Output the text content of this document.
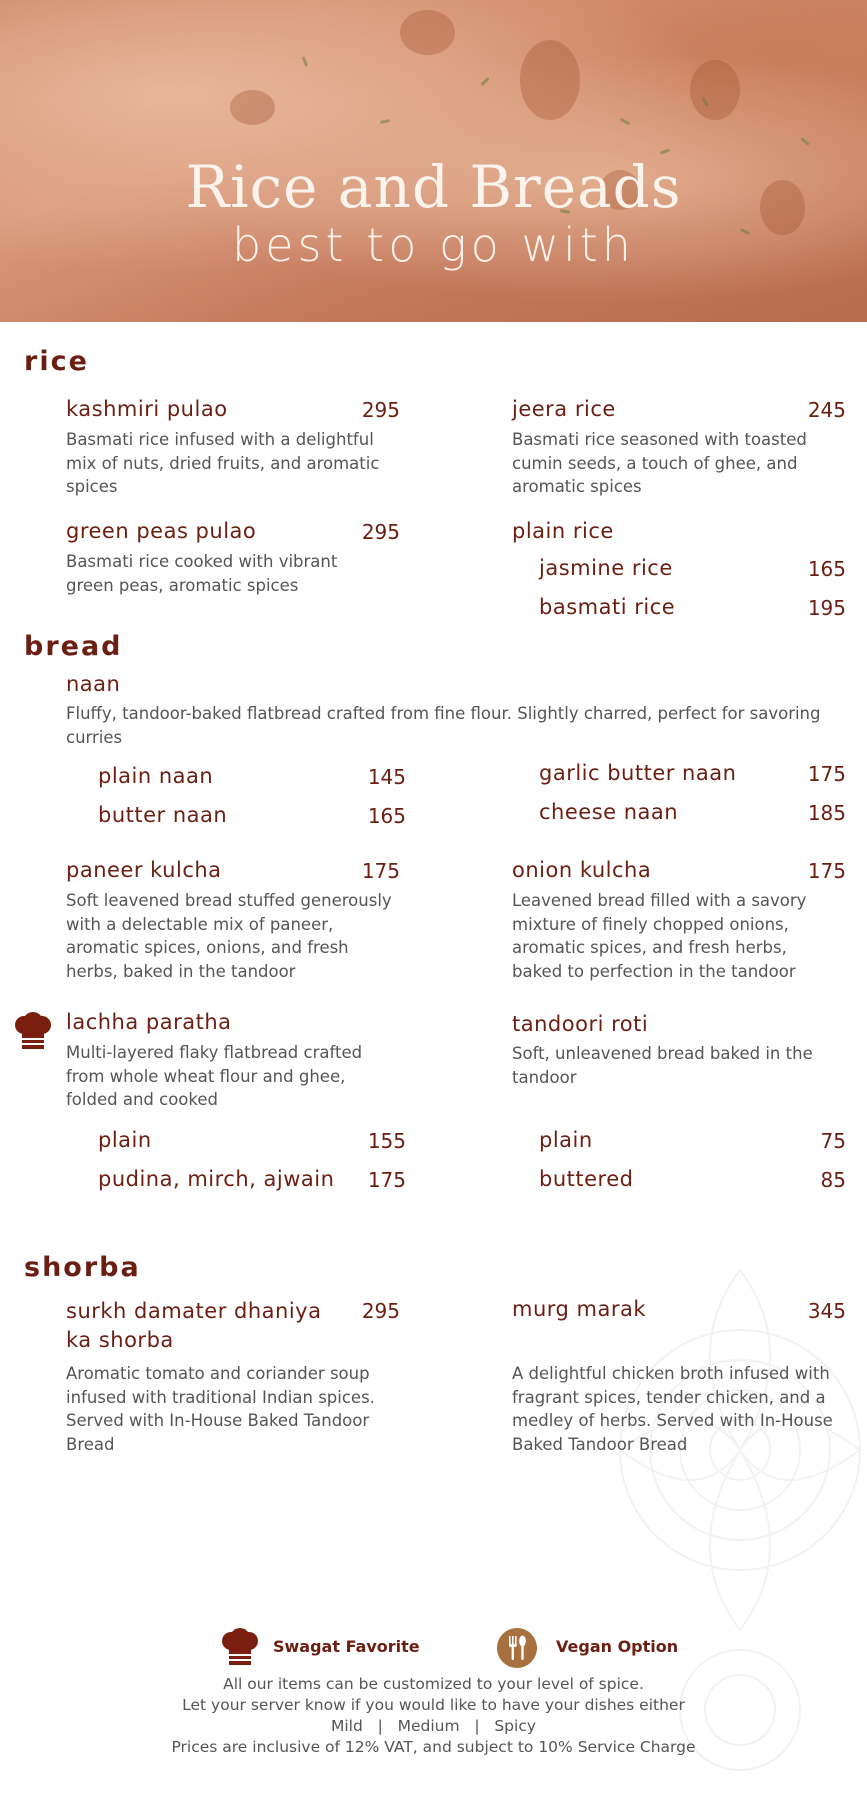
Rice and Breads
best to go with
rice
kashmiri pulao	295
Basmati rice infused with a delightful mix of nuts, dried fruits, and aromatic spices
jeera rice	245
Basmati rice seasoned with toasted cumin seeds, a touch of ghee, and aromatic spices
green peas pulao	295
Basmati rice cooked with vibrant green peas, aromatic spices
plain rice
jasmine rice	165
basmati rice	195
bread
naan
Fluffy, tandoor-baked flatbread crafted from fine flour. Slightly charred, perfect for savoring curries
plain naan	145
butter naan	165
garlic butter naan	175
cheese naan	185
paneer kulcha	175
Soft leavened bread stuffed generously with a delectable mix of paneer, aromatic spices, onions, and fresh herbs, baked in the tandoor
onion kulcha	175
Leavened bread filled with a savory mixture of finely chopped onions, aromatic spices, and fresh herbs, baked to perfection in the tandoor
lachha paratha
Multi-layered flaky flatbread crafted from whole wheat flour and ghee, folded and cooked
plain	155
pudina, mirch, ajwain	175
tandoori roti
Soft, unleavened bread baked in the tandoor
plain	75
buttered	85
shorba
surkh damater dhaniya ka shorba
295
Aromatic tomato and coriander soup infused with traditional Indian spices. Served with In-House Baked Tandoor Bread
murg marak	345
A delightful chicken broth infused with fragrant spices, tender chicken, and a medley of herbs. Served with In-House Baked Tandoor Bread
Swagat Favorite	Vegan Option
All our items can be customized to your level of spice.
Let your server know if you would like to have your dishes either
Mild   |   Medium   |   Spicy
Prices are inclusive of 12% VAT, and subject to 10% Service Charge
